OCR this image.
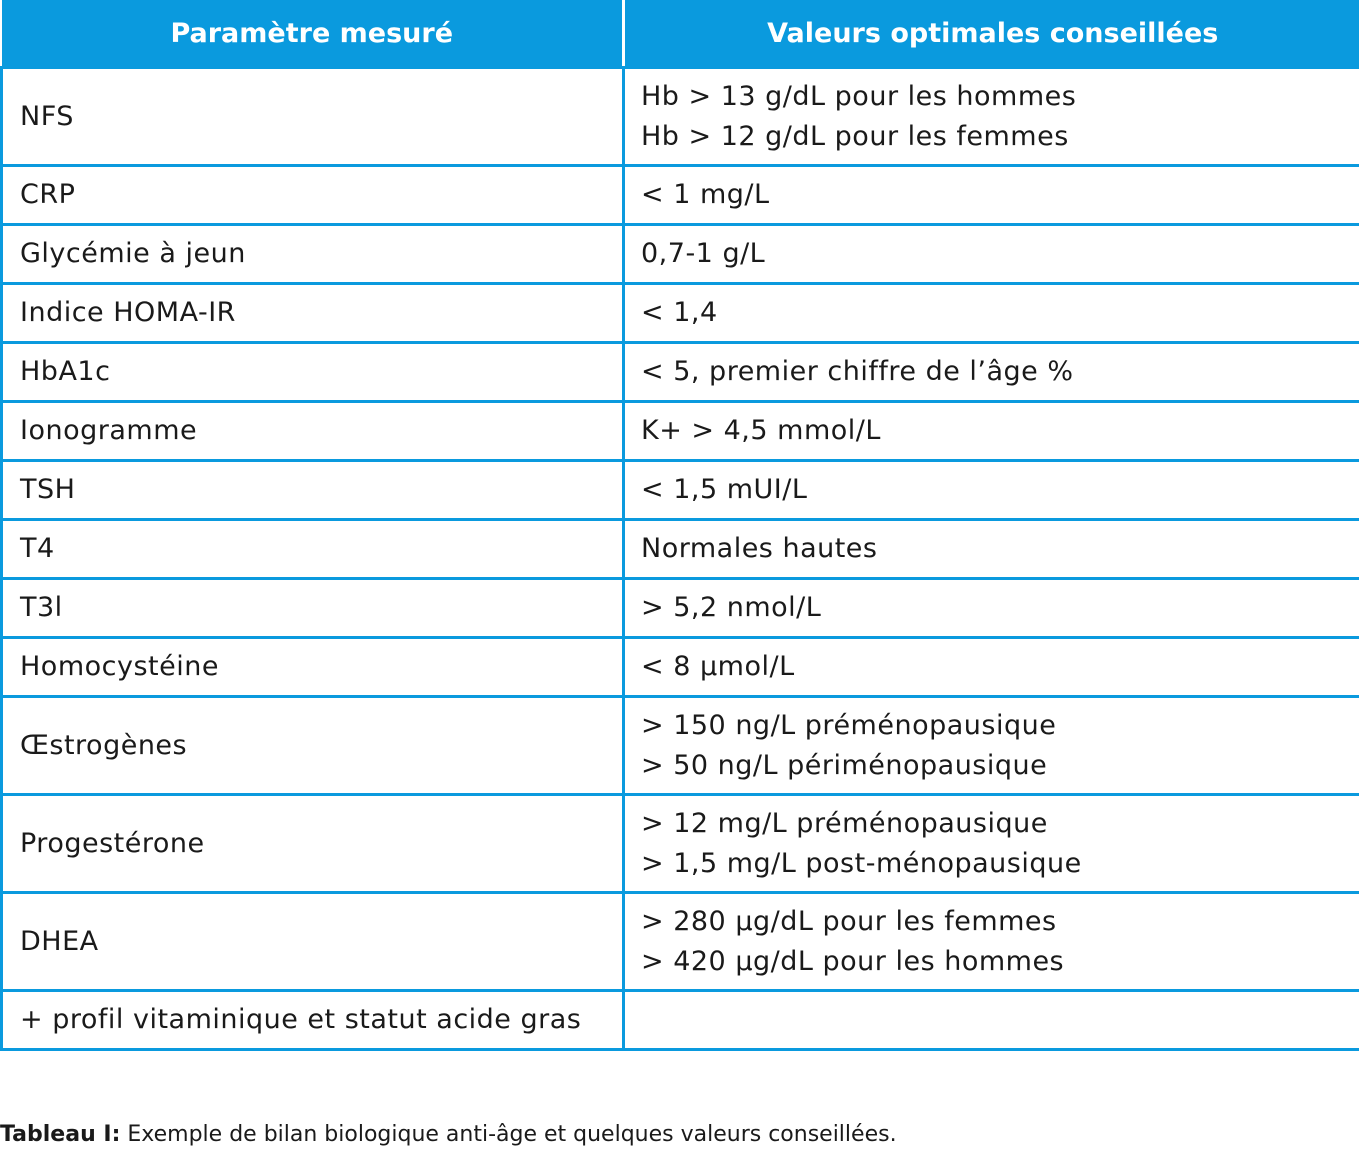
Paramètre mesuré	Valeurs optimales conseillées
NFS	Hb > 13 g/dL pour les hommes
Hb > 12 g/dL pour les femmes

CRP	< 1 mg/L

Glycémie à jeun	0,7-1 g/L

Indice HOMA-IR	< 1,4

HbA1c	< 5, premier chiffre de l’âge %

Ionogramme	K+ > 4,5 mmol/L

TSH	< 1,5 mUI/L

T4	Normales hautes

T3l	> 5,2 nmol/L

Homocystéine	< 8 µmol/L

Œstrogènes	> 150 ng/L préménopausique
> 50 ng/L périménopausique

Progestérone	> 12 mg/L préménopausique
> 1,5 mg/L post-ménopausique

DHEA	> 280 µg/dL pour les femmes
> 420 µg/dL pour les hommes

+ profil vitaminique et statut acide gras	
Tableau I: Exemple de bilan biologique anti-âge et quelques valeurs conseillées.
